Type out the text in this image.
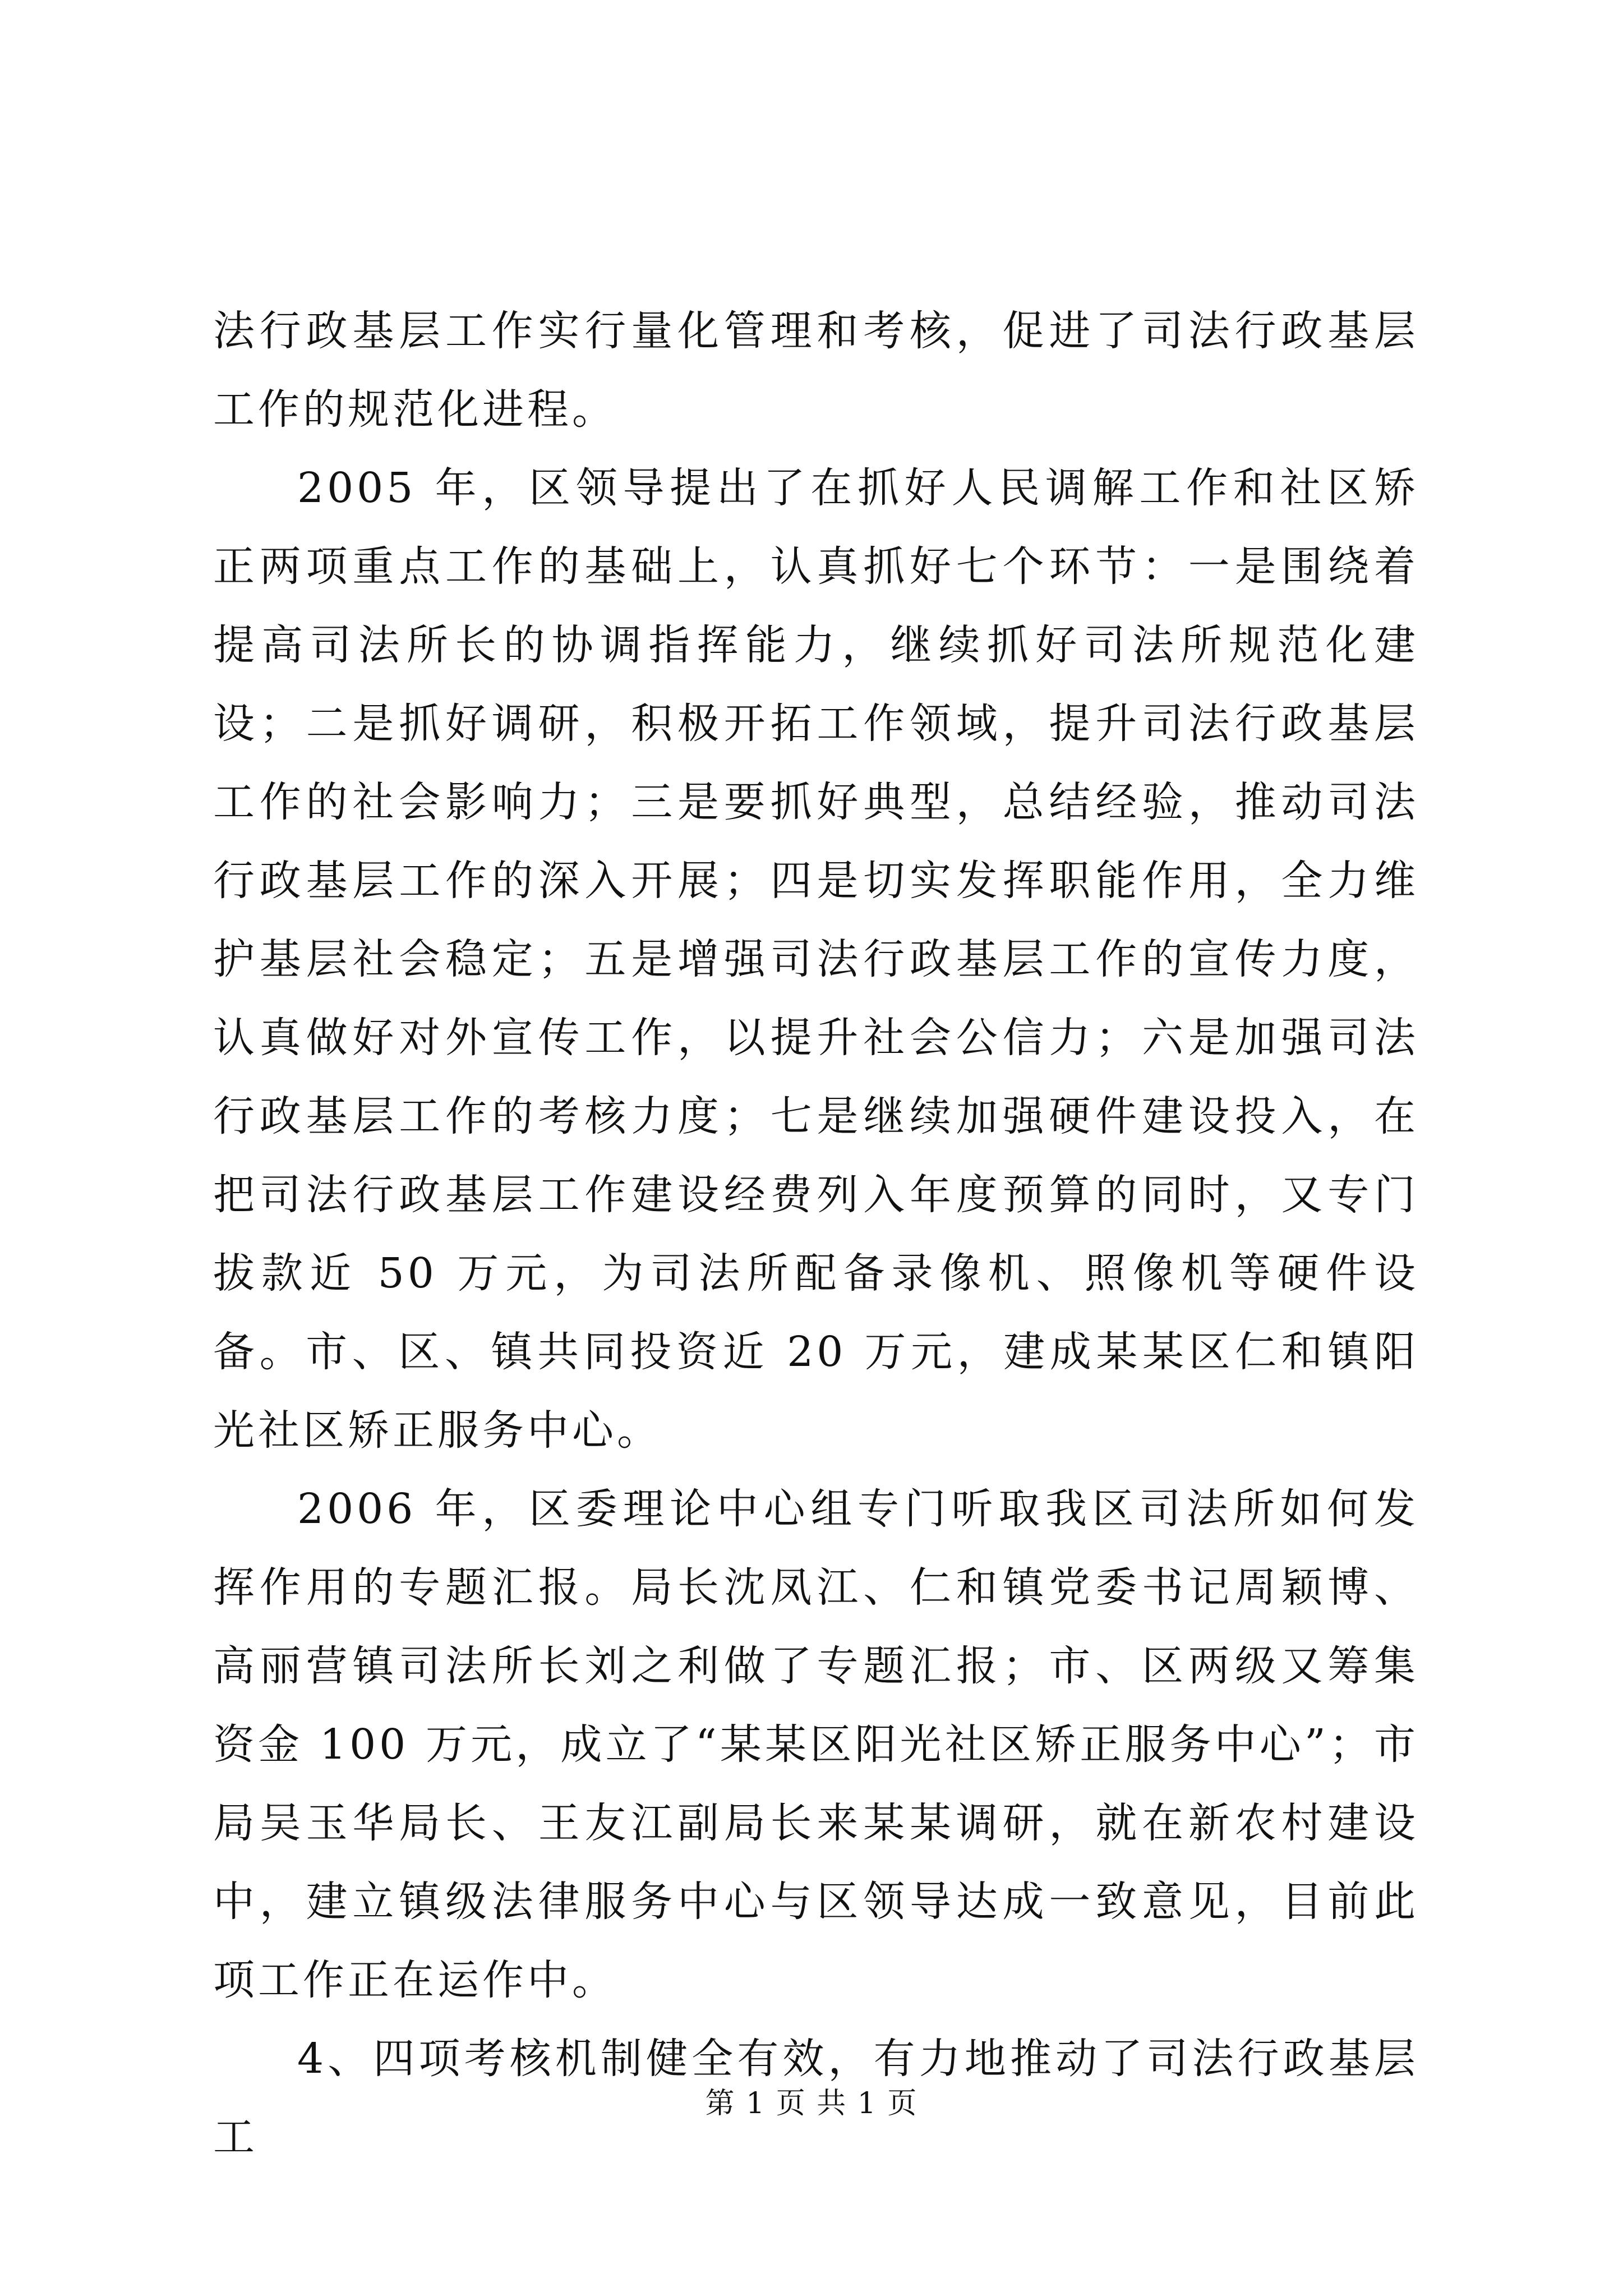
法行政基层工作实行量化管理和考核，促进了司法行政基层工作的规范化进程。

2005 年，区领导提出了在抓好人民调解工作和社区矫正两项重点工作的基础上，认真抓好七个环节：一是围绕着提高司法所长的协调指挥能力，继续抓好司法所规范化建设；二是抓好调研，积极开拓工作领域，提升司法行政基层工作的社会影响力；三是要抓好典型，总结经验，推动司法行政基层工作的深入开展；四是切实发挥职能作用，全力维护基层社会稳定；五是增强司法行政基层工作的宣传力度，认真做好对外宣传工作，以提升社会公信力；六是加强司法行政基层工作的考核力度；七是继续加强硬件建设投入，在把司法行政基层工作建设经费列入年度预算的同时，又专门拔款近 50 万元，为司法所配备录像机、照像机等硬件设备。市、区、镇共同投资近 20 万元，建成某某区仁和镇阳光社区矫正服务中心。

2006 年，区委理论中心组专门听取我区司法所如何发挥作用的专题汇报。局长沈凤江、仁和镇党委书记周颖博、高丽营镇司法所长刘之利做了专题汇报；市、区两级又筹集资金 100 万元，成立了“某某区阳光社区矫正服务中心”；市局吴玉华局长、王友江副局长来某某调研，就在新农村建设中，建立镇级法律服务中心与区领导达成一致意见，目前此项工作正在运作中。

4、四项考核机制健全有效，有力地推动了司法行政基层工

第 1 页 共 1 页
